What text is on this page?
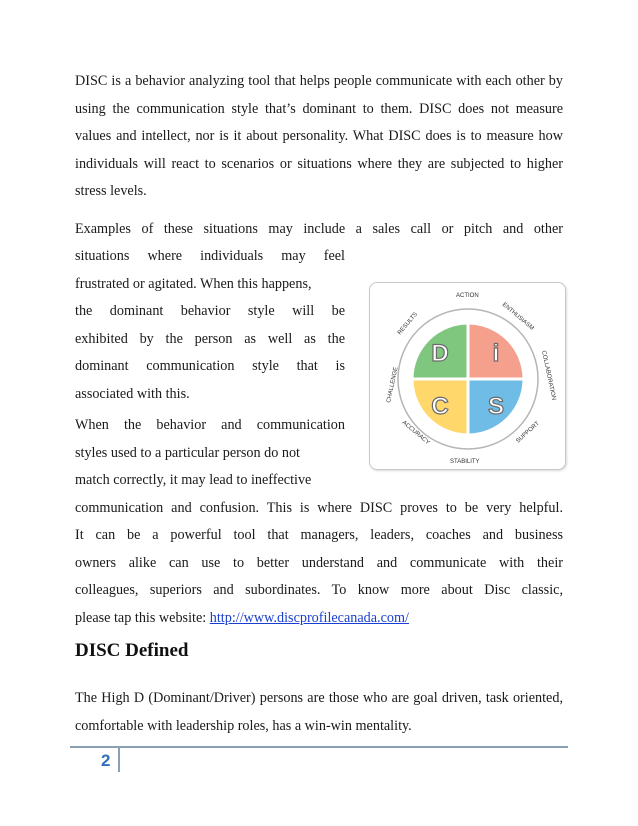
DISC is a behavior analyzing tool that helps people communicate with each other by using the communication style that’s dominant to them. DISC does not measure values and intellect, nor is it about personality. What DISC does is to measure how individuals will react to scenarios or situations where they are subjected to higher stress levels.

Examples of these situations may include a sales call or pitch and other
situations where individuals may feel
frustrated or agitated. When this happens,
the dominant behavior style will be
exhibited by the person as well as the
dominant communication style that is
associated with this.
When the behavior and communication
styles used to a particular person do not
match correctly, it may lead to ineffective
communication and confusion. This is where DISC proves to be very helpful.
It can be a powerful tool that managers, leaders, coaches and business
owners alike can use to better understand and communicate with their
colleagues, superiors and subordinates. To know more about Disc classic,
please tap this website: http://www.discprofilecanada.com/
DISC Defined

The High D (Dominant/Driver) persons are those who are goal driven, task oriented, comfortable with leadership roles, has a win-win mentality.

D i
C S
ACTION
ENTHUSIASM
COLLABORATION
SUPPORT
STABILITY
ACCURACY
CHALLENGE
RESULTS
2
